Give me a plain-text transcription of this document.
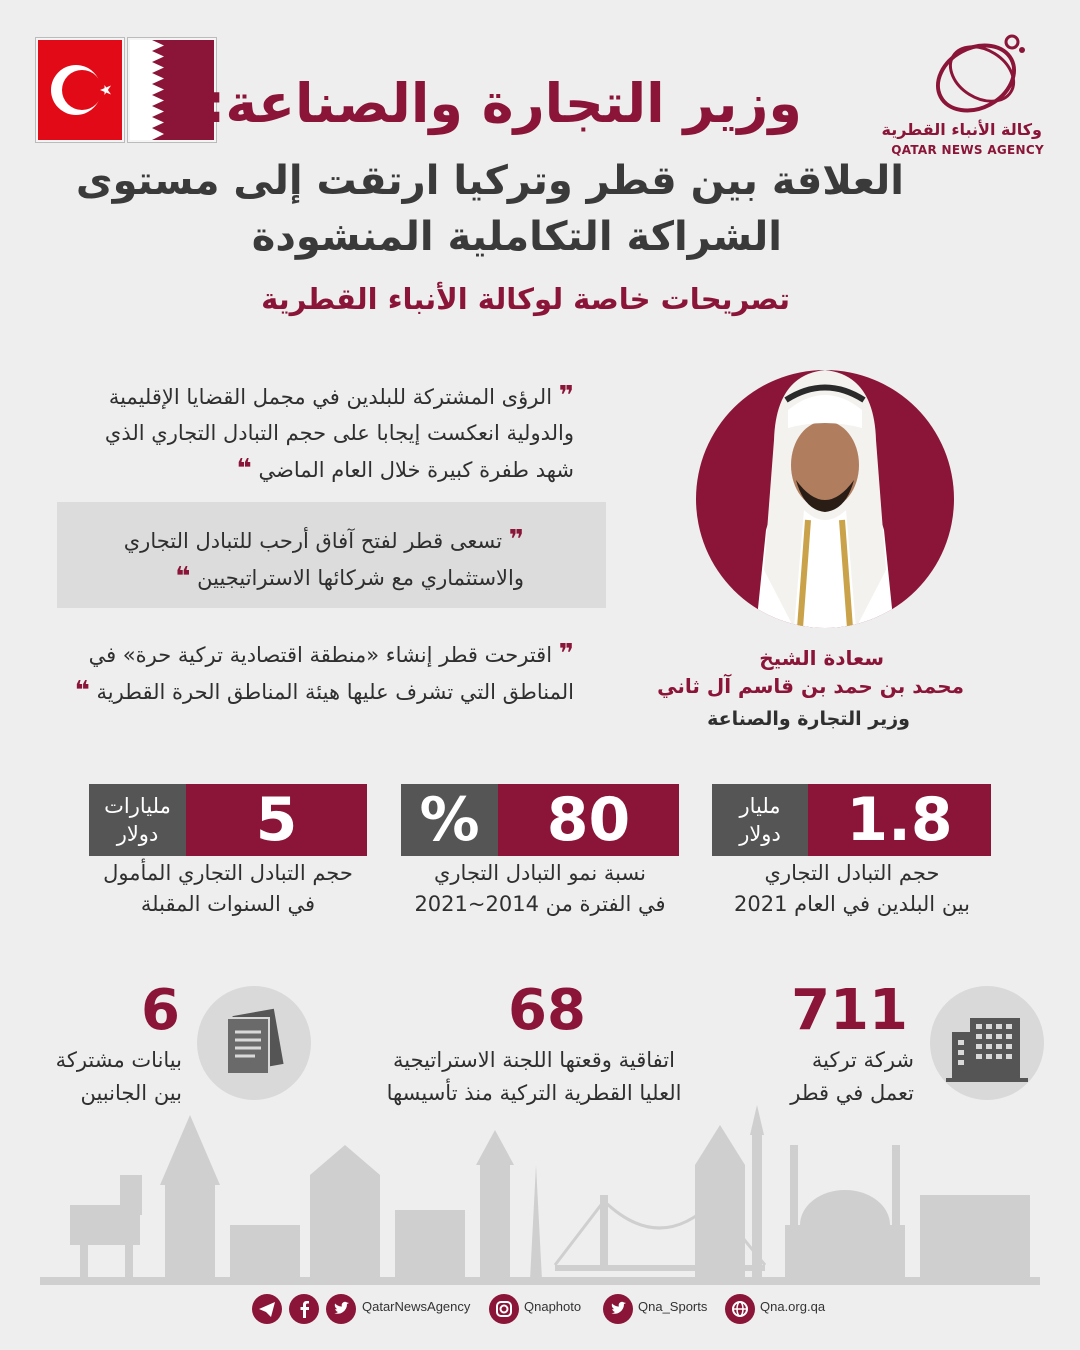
وزير التجارة والصناعة:
العلاقة بين قطر وتركيا ارتقت إلى مستوى
الشراكة التكاملية المنشودة
تصريحات خاصة لوكالة الأنباء القطرية
وكالة الأنباء القطرية
QATAR NEWS AGENCY
سعادة الشيخ
محمد بن حمد بن قاسم آل ثاني
وزير التجارة والصناعة
❞ الرؤى المشتركة للبلدين في مجمل القضايا الإقليمية والدولية انعكست إيجابا على حجم التبادل التجاري الذي شهد طفرة كبيرة خلال العام الماضي ❝
❞ تسعى قطر لفتح آفاق أرحب للتبادل التجاري والاستثماري مع شركائها الاستراتيجيين ❝
❞ اقترحت قطر إنشاء «منطقة اقتصادية تركية حرة» في المناطق التي تشرف عليها هيئة المناطق الحرة القطرية ❝
1.8
مليار
دولار
حجم التبادل التجاري
بين البلدين في العام 2021
80
%
نسبة نمو التبادل التجاري
في الفترة من 2014~2021
5
مليارات
دولار
حجم التبادل التجاري المأمول
في السنوات المقبلة
711
شركة تركية
تعمل في قطر
68
اتفاقية وقعتها اللجنة الاستراتيجية
العليا القطرية التركية منذ تأسيسها
6
بيانات مشتركة
بين الجانبين
QatarNewsAgency	Qnaphoto	Qna_Sports	Qna.org.qa
